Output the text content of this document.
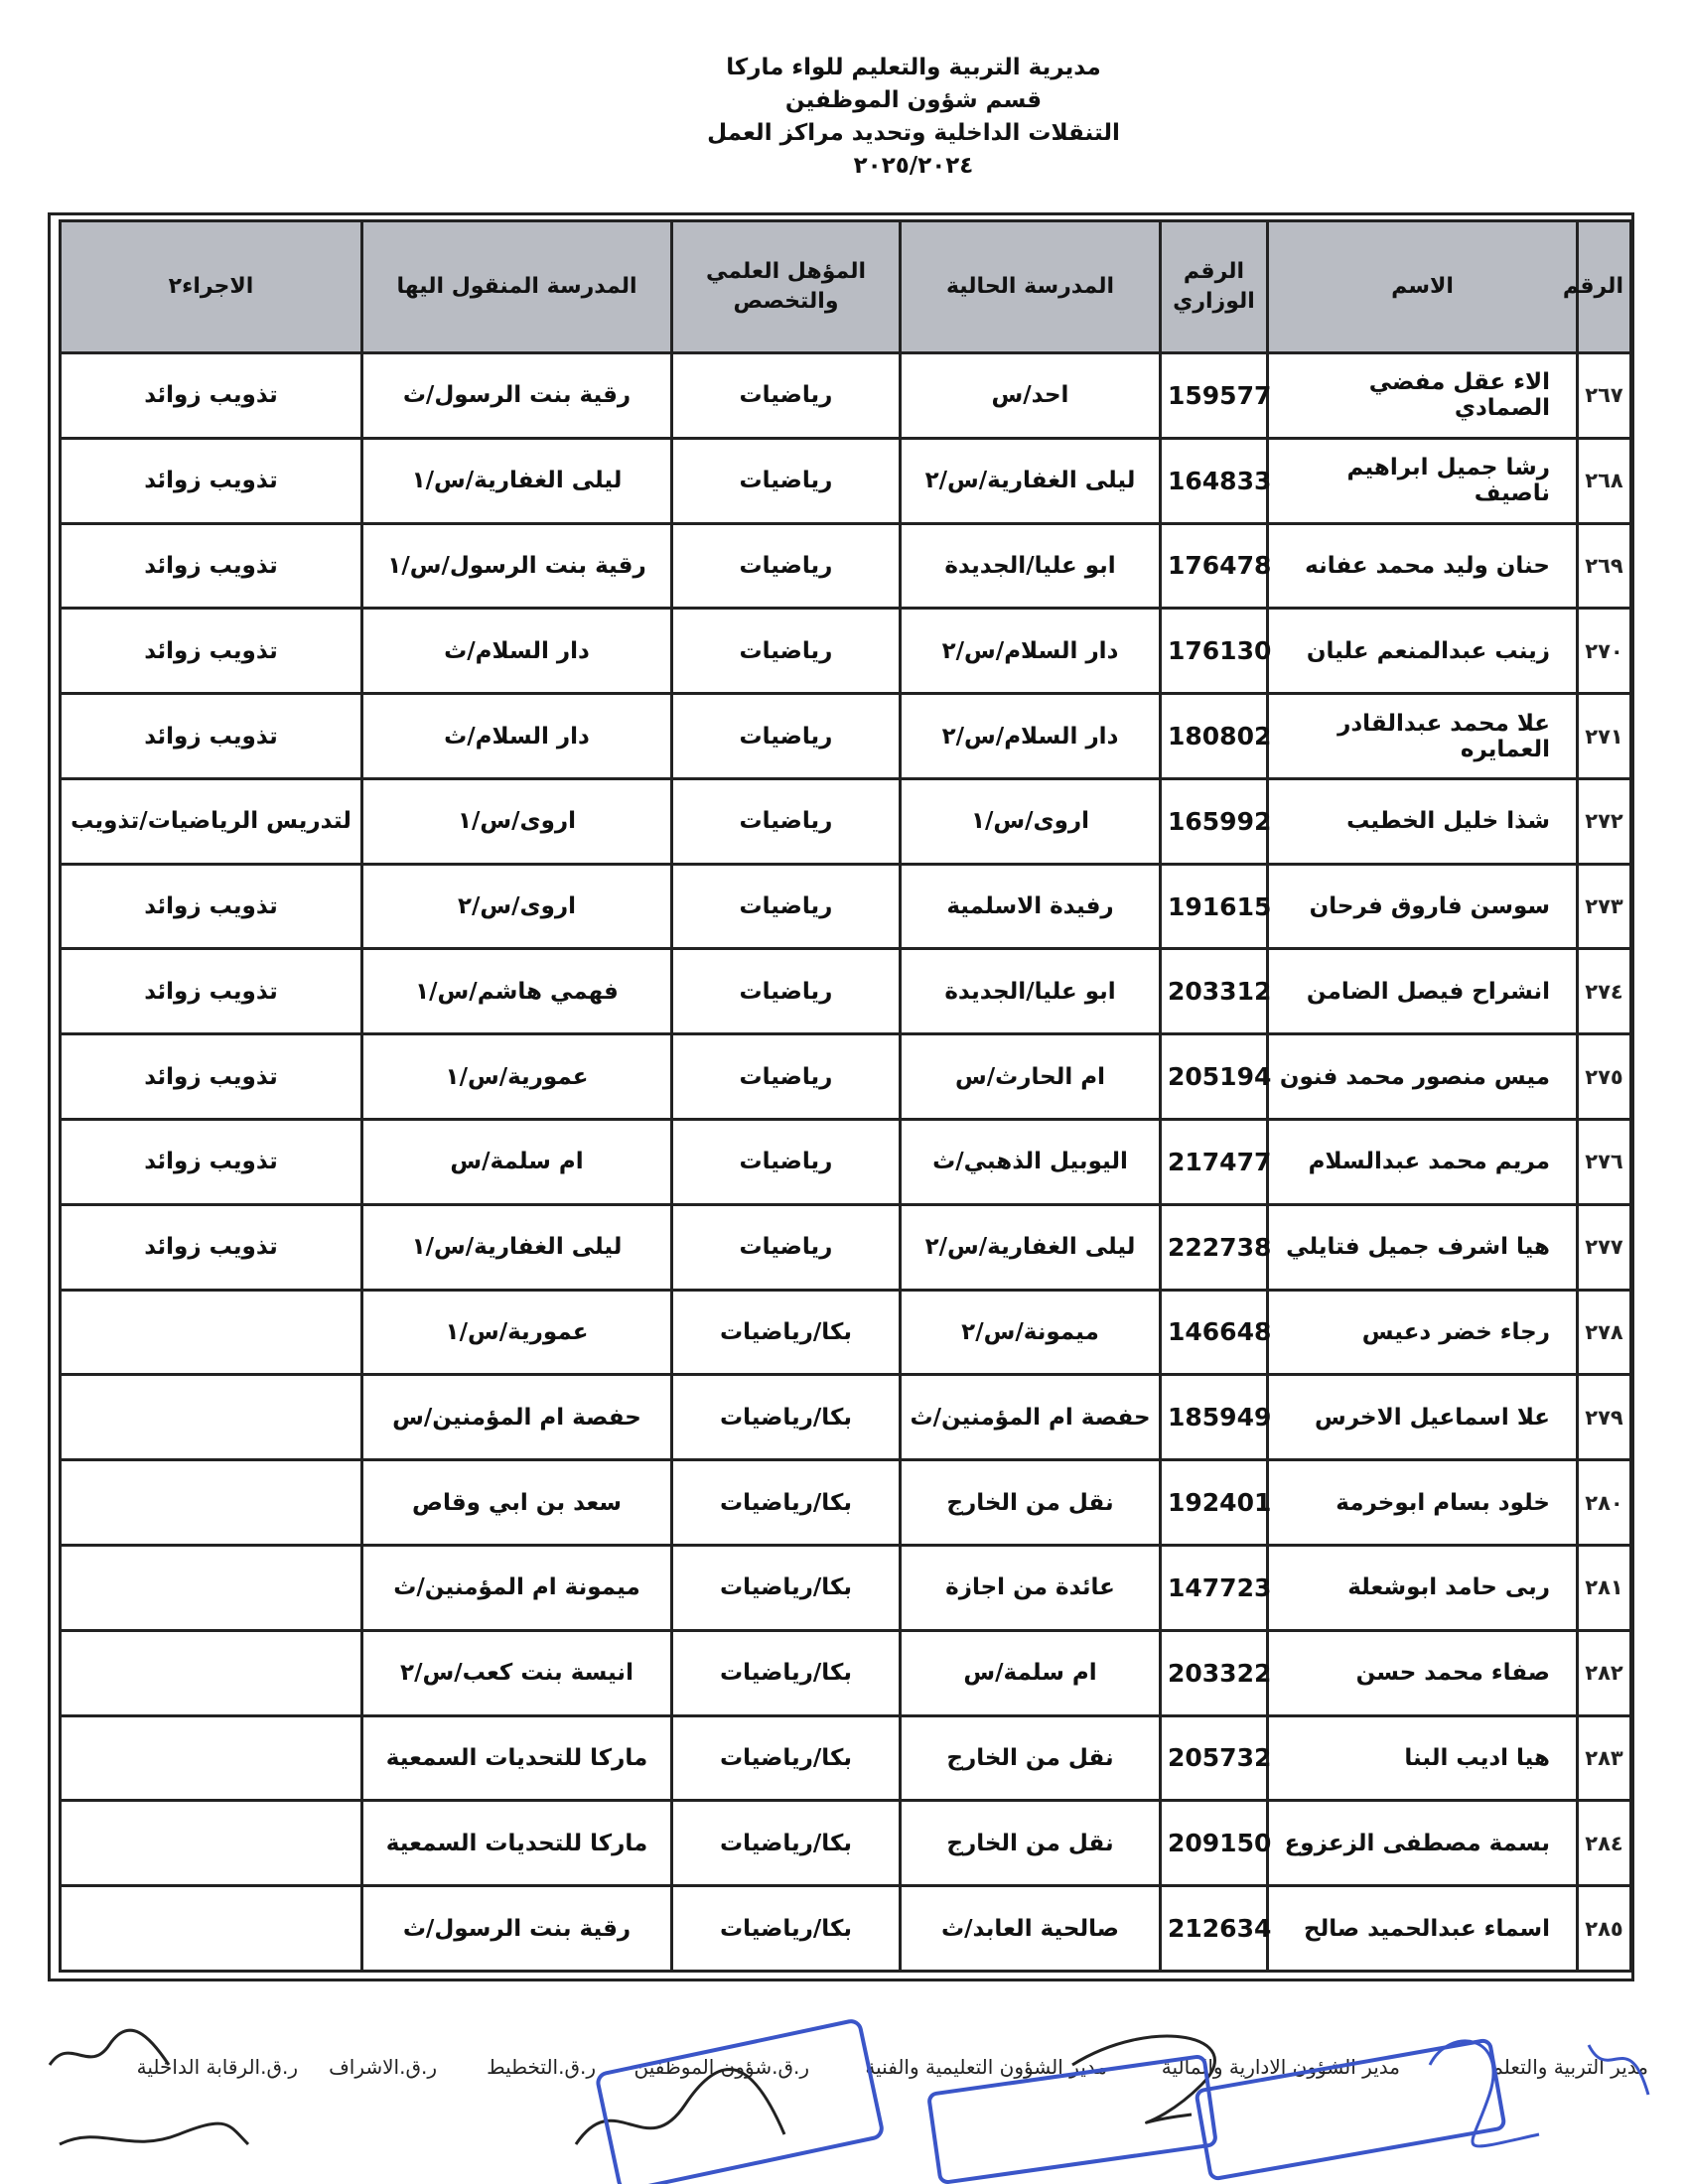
مديرية التربية والتعليم للواء ماركا
قسم شؤون الموظفين
التنقلات الداخلية وتحديد مراكز العمل
٢٠٢٥/٢٠٢٤
الرقم	الاسم	الرقم الوزاري	المدرسة الحالية	المؤهل العلمي والتخصص	المدرسة المنقول اليها	الاجراء٢
٢٦٧	الاء عقل مفضي الصمادي	159577	احد/س	رياضيات	رقية بنت الرسول/ث	تذويب زوائد
٢٦٨	رشا جميل ابراهيم ناصيف	164833	ليلى الغفارية/س/٢	رياضيات	ليلى الغفارية/س/١	تذويب زوائد
٢٦٩	حنان وليد محمد عفانه	176478	ابو عليا/الجديدة	رياضيات	رقية بنت الرسول/س/١	تذويب زوائد
٢٧٠	زينب عبدالمنعم عليان	176130	دار السلام/س/٢	رياضيات	دار السلام/ث	تذويب زوائد
٢٧١	علا محمد عبدالقادر العمايره	180802	دار السلام/س/٢	رياضيات	دار السلام/ث	تذويب زوائد
٢٧٢	شذا خليل الخطيب	165992	اروى/س/١	رياضيات	اروى/س/١	لتدريس الرياضيات/تذويب
٢٧٣	سوسن فاروق فرحان	191615	رفيدة الاسلمية	رياضيات	اروى/س/٢	تذويب زوائد
٢٧٤	انشراح فيصل الضامن	203312	ابو عليا/الجديدة	رياضيات	فهمي هاشم/س/١	تذويب زوائد
٢٧٥	ميس منصور محمد فنون	205194	ام الحارث/س	رياضيات	عمورية/س/١	تذويب زوائد
٢٧٦	مريم محمد عبدالسلام	217477	اليوبيل الذهبي/ث	رياضيات	ام سلمة/س	تذويب زوائد
٢٧٧	هيا اشرف جميل فتايلي	222738	ليلى الغفارية/س/٢	رياضيات	ليلى الغفارية/س/١	تذويب زوائد
٢٧٨	رجاء خضر دعيس	146648	ميمونة/س/٢	بكا/رياضيات	عمورية/س/١	
٢٧٩	علا اسماعيل الاخرس	185949	حفصة ام المؤمنين/ث	بكا/رياضيات	حفصة ام المؤمنين/س	
٢٨٠	خلود بسام ابوخرمة	192401	نقل من الخارج	بكا/رياضيات	سعد بن ابي وقاص	
٢٨١	ربى حامد ابوشعلة	147723	عائدة من اجازة	بكا/رياضيات	ميمونة ام المؤمنين/ث	
٢٨٢	صفاء محمد حسن	203322	ام سلمة/س	بكا/رياضيات	انيسة بنت كعب/س/٢	
٢٨٣	هيا اديب البنا	205732	نقل من الخارج	بكا/رياضيات	ماركا للتحديات السمعية	
٢٨٤	بسمة مصطفى الزعزوع	209150	نقل من الخارج	بكا/رياضيات	ماركا للتحديات السمعية	
٢٨٥	اسماء عبدالحميد صالح	212634	صالحية العابد/ث	بكا/رياضيات	رقية بنت الرسول/ث	
مدير التربية والتعلم
مدير الشؤون الادارية والمالية
مدير الشؤون التعليمية والفنية
ر.ق.شؤون الموظفين
ر.ق.التخطيط
ر.ق.الاشراف
ر.ق.الرقابة الداخلية
